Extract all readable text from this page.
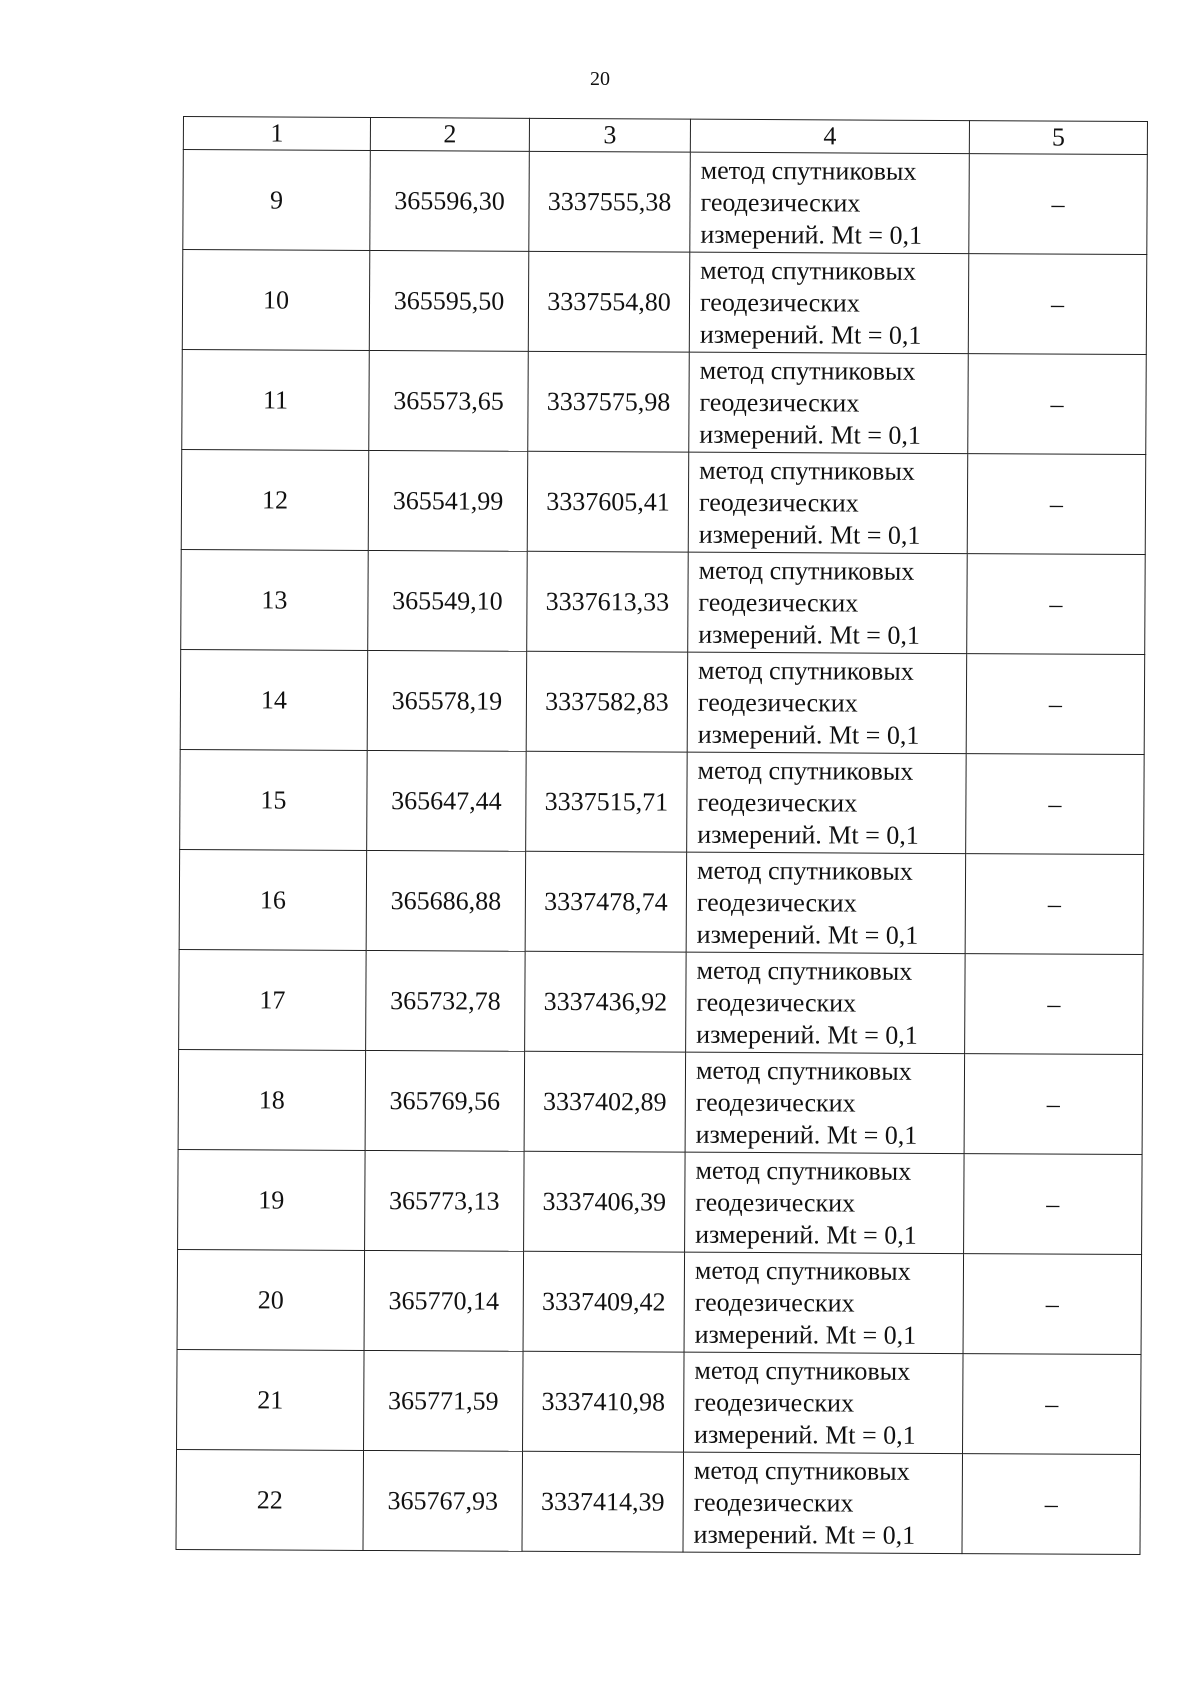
20
1	2	3	4	5
9	365596,30	3337555,38	метод спутниковых
геодезических
измерений. Mt = 0,1	–
10	365595,50	3337554,80	метод спутниковых
геодезических
измерений. Mt = 0,1	–
11	365573,65	3337575,98	метод спутниковых
геодезических
измерений. Mt = 0,1	–
12	365541,99	3337605,41	метод спутниковых
геодезических
измерений. Mt = 0,1	–
13	365549,10	3337613,33	метод спутниковых
геодезических
измерений. Mt = 0,1	–
14	365578,19	3337582,83	метод спутниковых
геодезических
измерений. Mt = 0,1	–
15	365647,44	3337515,71	метод спутниковых
геодезических
измерений. Mt = 0,1	–
16	365686,88	3337478,74	метод спутниковых
геодезических
измерений. Mt = 0,1	–
17	365732,78	3337436,92	метод спутниковых
геодезических
измерений. Mt = 0,1	–
18	365769,56	3337402,89	метод спутниковых
геодезических
измерений. Mt = 0,1	–
19	365773,13	3337406,39	метод спутниковых
геодезических
измерений. Mt = 0,1	–
20	365770,14	3337409,42	метод спутниковых
геодезических
измерений. Mt = 0,1	–
21	365771,59	3337410,98	метод спутниковых
геодезических
измерений. Mt = 0,1	–
22	365767,93	3337414,39	метод спутниковых
геодезических
измерений. Mt = 0,1	–
